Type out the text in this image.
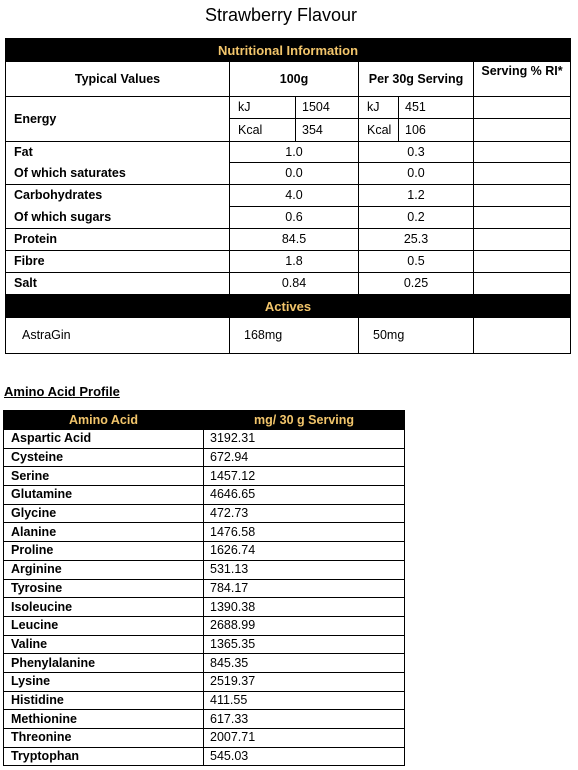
Strawberry Flavour
Nutritional Information					
Typical Values	100g		Per 30g Serving		Serving % RI*
Energy	kJ	1504	kJ	451	
	Kcal	354	Kcal	106	
Fat	1.0		0.3		
Of which saturates	0.0		0.0		
Carbohydrates	4.0		1.2		
Of which sugars	0.6		0.2		
Protein	84.5		25.3		
Fibre	1.8		0.5		
Salt	0.84		0.25		
Actives					
AstraGin	168mg		50mg		
Amino Acid Profile
Amino Acid	mg/ 30 g Serving
Aspartic Acid	3192.31
Cysteine	672.94
Serine	1457.12
Glutamine	4646.65
Glycine	472.73
Alanine	1476.58
Proline	1626.74
Arginine	531.13
Tyrosine	784.17
Isoleucine	1390.38
Leucine	2688.99
Valine	1365.35
Phenylalanine	845.35
Lysine	2519.37
Histidine	411.55
Methionine	617.33
Threonine	2007.71
Tryptophan	545.03
